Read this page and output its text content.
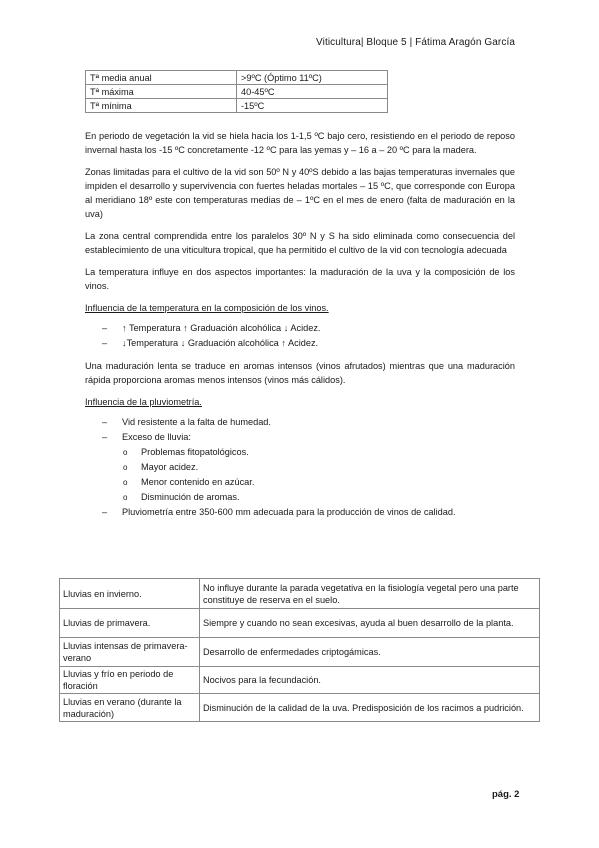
Viticultura| Bloque 5 | Fátima Aragón García
Tª media anual	>9ºC (Óptimo 11ºC)
Tª máxima	40-45ºC
Tª mínima	-15ºC

En periodo de vegetación la vid se hiela hacia los 1-1,5 ºC bajo cero, resistiendo en el periodo de reposo invernal hasta los -15 ºC concretamente -12 ºC para las yemas y – 16 a – 20 ºC para la madera.

Zonas limitadas para el cultivo de la vid son 50º N y 40ºS debido a las bajas temperaturas invernales que impiden el desarrollo y supervivencia con fuertes heladas mortales – 15 ºC, que corresponde con Europa al meridiano 18º este con temperaturas medias de – 1ºC en el mes de enero (falta de maduración en la uva)

La zona central comprendida entre los paralelos 30º N y S ha sido eliminada como consecuencia del establecimiento de una viticultura tropical, que ha permitido el cultivo de la vid con tecnología adecuada

La temperatura influye en dos aspectos importantes: la maduración de la uva y la composición de los vinos.

Influencia de la temperatura en la composición de los vinos.

– ↑ Temperatura ↑ Graduación alcohólica ↓ Acidez.
– ↓Temperatura ↓ Graduación alcohólica ↑ Acidez.

Una maduración lenta se traduce en aromas intensos (vinos afrutados) mientras que una maduración rápida proporciona aromas menos intensos (vinos más cálidos).

Influencia de la pluviometría.

– Vid resistente a la falta de humedad.
– Exceso de lluvia:
o Problemas fitopatológicos.
o Mayor acidez.
o Menor contenido en azúcar.
o Disminución de aromas.
– Pluviometría entre 350-600 mm adecuada para la producción de vinos de calidad.
Lluvias en invierno.	No influye durante la parada vegetativa en la fisiología vegetal pero una parte constituye de reserva en el suelo.
Lluvias de primavera.	Siempre y cuando no sean excesivas, ayuda al buen desarrollo de la planta.
Lluvias intensas de primavera- verano	Desarrollo de enfermedades criptogámicas.
Lluvias y frío en periodo de floración	Nocivos para la fecundación.
Lluvias en verano (durante la maduración)	Disminución de la calidad de la uva. Predisposición de los racimos a pudrición.
pág. 2
